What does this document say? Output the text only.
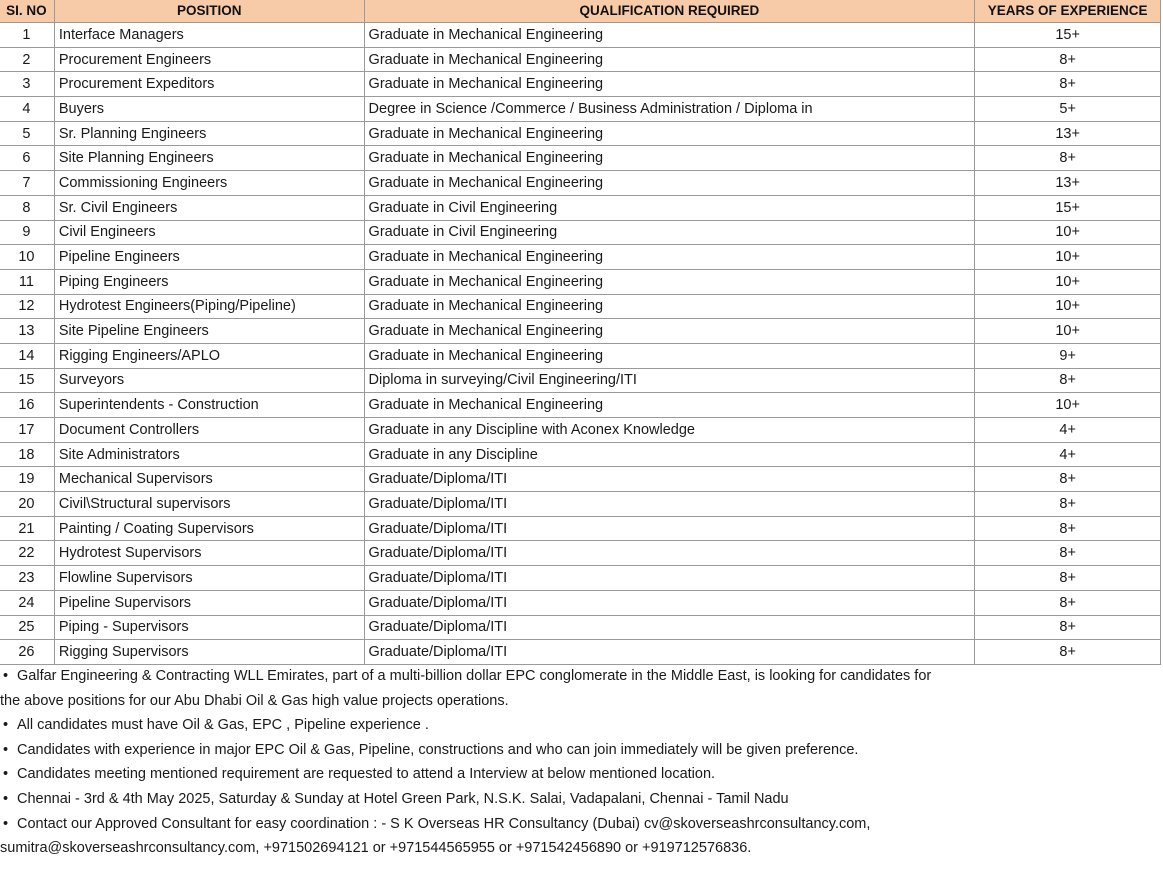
SI. NO	POSITION	QUALIFICATION REQUIRED	YEARS OF EXPERIENCE
1	Interface Managers	Graduate in Mechanical Engineering	15+
2	Procurement Engineers	Graduate in Mechanical Engineering	8+
3	Procurement Expeditors	Graduate in Mechanical Engineering	8+
4	Buyers	Degree in Science /Commerce / Business Administration / Diploma in	5+
5	Sr. Planning Engineers	Graduate in Mechanical Engineering	13+
6	Site Planning Engineers	Graduate in Mechanical Engineering	8+
7	Commissioning Engineers	Graduate in Mechanical Engineering	13+
8	Sr. Civil Engineers	Graduate in Civil Engineering	15+
9	Civil Engineers	Graduate in Civil Engineering	10+
10	Pipeline Engineers	Graduate in Mechanical Engineering	10+
11	Piping Engineers	Graduate in Mechanical Engineering	10+
12	Hydrotest Engineers(Piping/Pipeline)	Graduate in Mechanical Engineering	10+
13	Site Pipeline Engineers	Graduate in Mechanical Engineering	10+
14	Rigging Engineers/APLO	Graduate in Mechanical Engineering	9+
15	Surveyors	Diploma in surveying/Civil Engineering/ITI	8+
16	Superintendents - Construction	Graduate in Mechanical Engineering	10+
17	Document Controllers	Graduate in any Discipline with Aconex Knowledge	4+
18	Site Administrators	Graduate in any Discipline	4+
19	Mechanical Supervisors	Graduate/Diploma/ITI	8+
20	Civil\Structural supervisors	Graduate/Diploma/ITI	8+
21	Painting / Coating Supervisors	Graduate/Diploma/ITI	8+
22	Hydrotest Supervisors	Graduate/Diploma/ITI	8+
23	Flowline Supervisors	Graduate/Diploma/ITI	8+
24	Pipeline Supervisors	Graduate/Diploma/ITI	8+
25	Piping - Supervisors	Graduate/Diploma/ITI	8+
26	Rigging Supervisors	Graduate/Diploma/ITI	8+

• Galfar Engineering & Contracting WLL Emirates, part of a multi-billion dollar EPC conglomerate in the Middle East, is looking for candidates for

the above positions for our Abu Dhabi Oil & Gas high value projects operations.

• All candidates must have Oil & Gas, EPC , Pipeline experience .

• Candidates with experience in major EPC Oil & Gas, Pipeline, constructions and who can join immediately will be given preference.

• Candidates meeting mentioned requirement are requested to attend a Interview at below mentioned location.

• Chennai - 3rd & 4th May 2025, Saturday & Sunday at Hotel Green Park, N.S.K. Salai, Vadapalani, Chennai - Tamil Nadu

• Contact our Approved Consultant for easy coordination : - S K Overseas HR Consultancy (Dubai) cv@skoverseashrconsultancy.com,

sumitra@skoverseashrconsultancy.com, +971502694121 or +971544565955 or +971542456890 or +919712576836.
